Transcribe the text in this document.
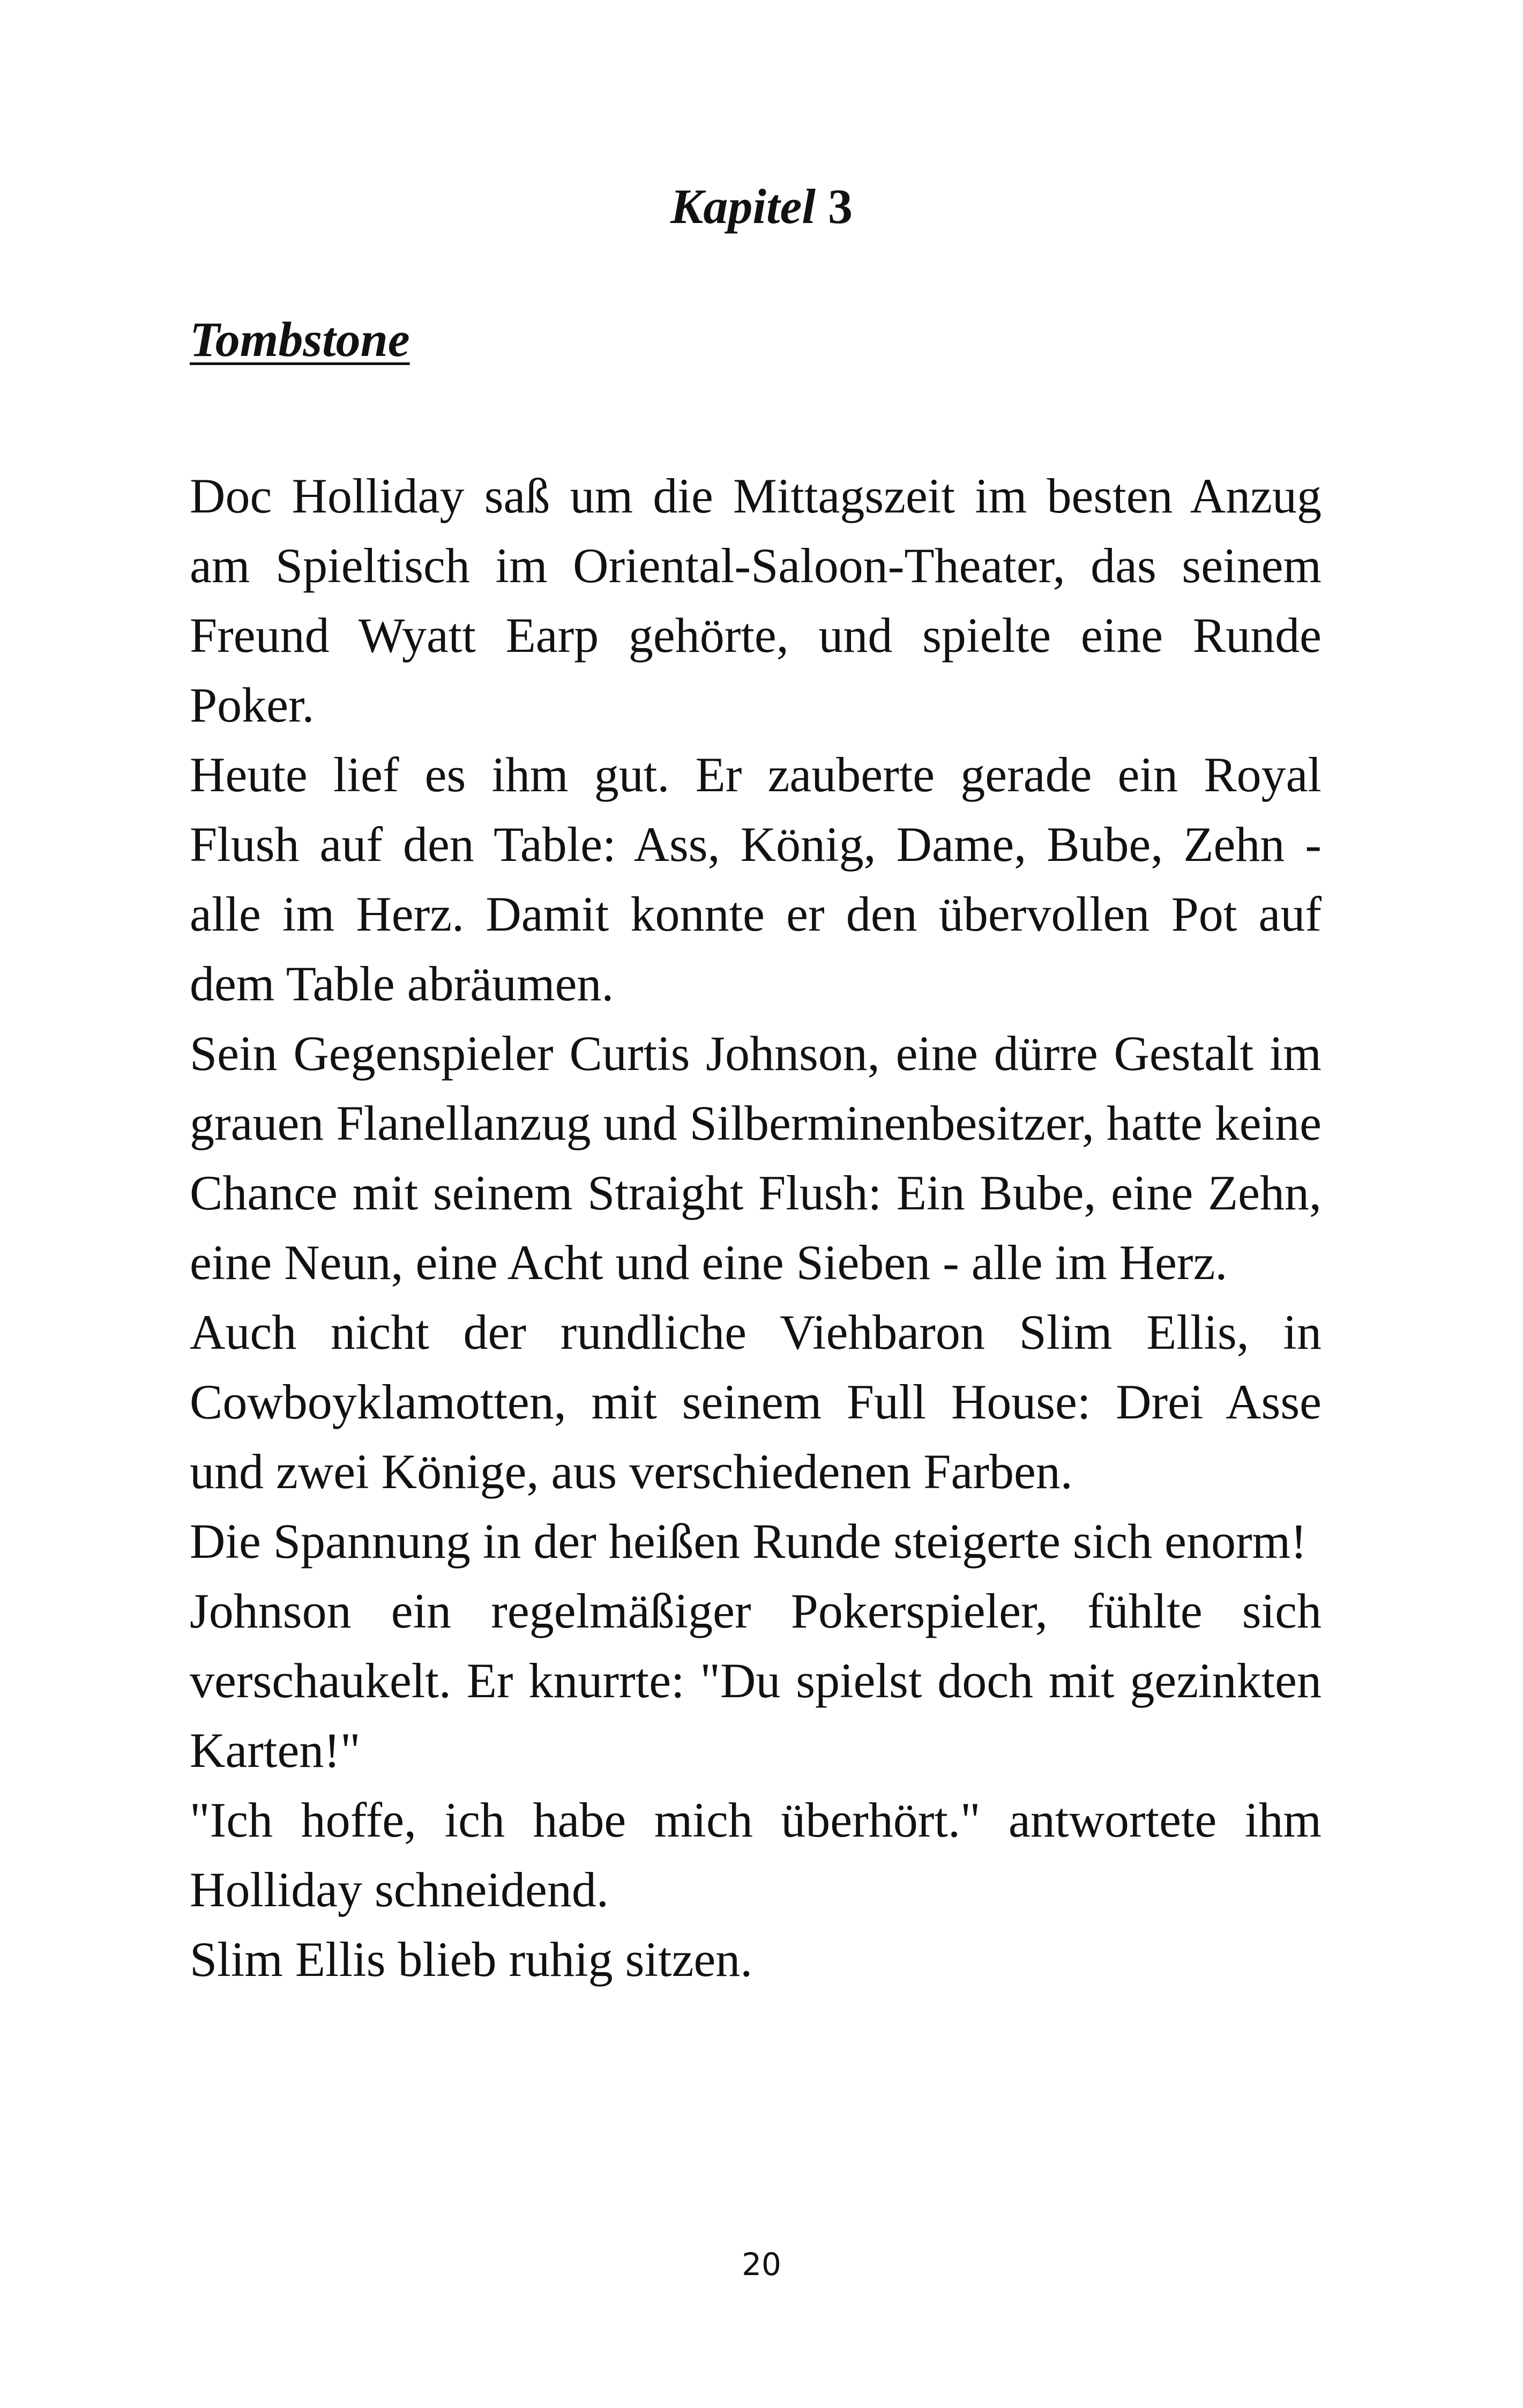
Kapitel 3
Tombstone

Doc Holliday saß um die Mittagszeit im besten Anzug am Spieltisch im Oriental-Saloon-Theater, das seinem Freund Wyatt Earp gehörte, und spielte eine Runde Poker.

Heute lief es ihm gut. Er zauberte gerade ein Royal Flush auf den Table: Ass, König, Dame, Bube, Zehn - alle im Herz. Damit konnte er den übervollen Pot auf dem Table abräumen.

Sein Gegenspieler Curtis Johnson, eine dürre Gestalt im grauen Flanellanzug und Silberminenbesitzer, hatte keine Chance mit seinem Straight Flush: Ein Bube, eine Zehn, eine Neun, eine Acht und eine Sieben - alle im Herz.

Auch nicht der rundliche Viehbaron Slim Ellis, in Cowboyklamotten, mit seinem Full House: Drei Asse und zwei Könige, aus verschiedenen Farben.

Die Spannung in der heißen Runde steigerte sich enorm!

Johnson ein regelmäßiger Pokerspieler, fühlte sich verschaukelt. Er knurrte: "Du spielst doch mit gezinkten Karten!"

"Ich hoffe, ich habe mich überhört." antwortete ihm Holliday schneidend.

Slim Ellis blieb ruhig sitzen.

20
